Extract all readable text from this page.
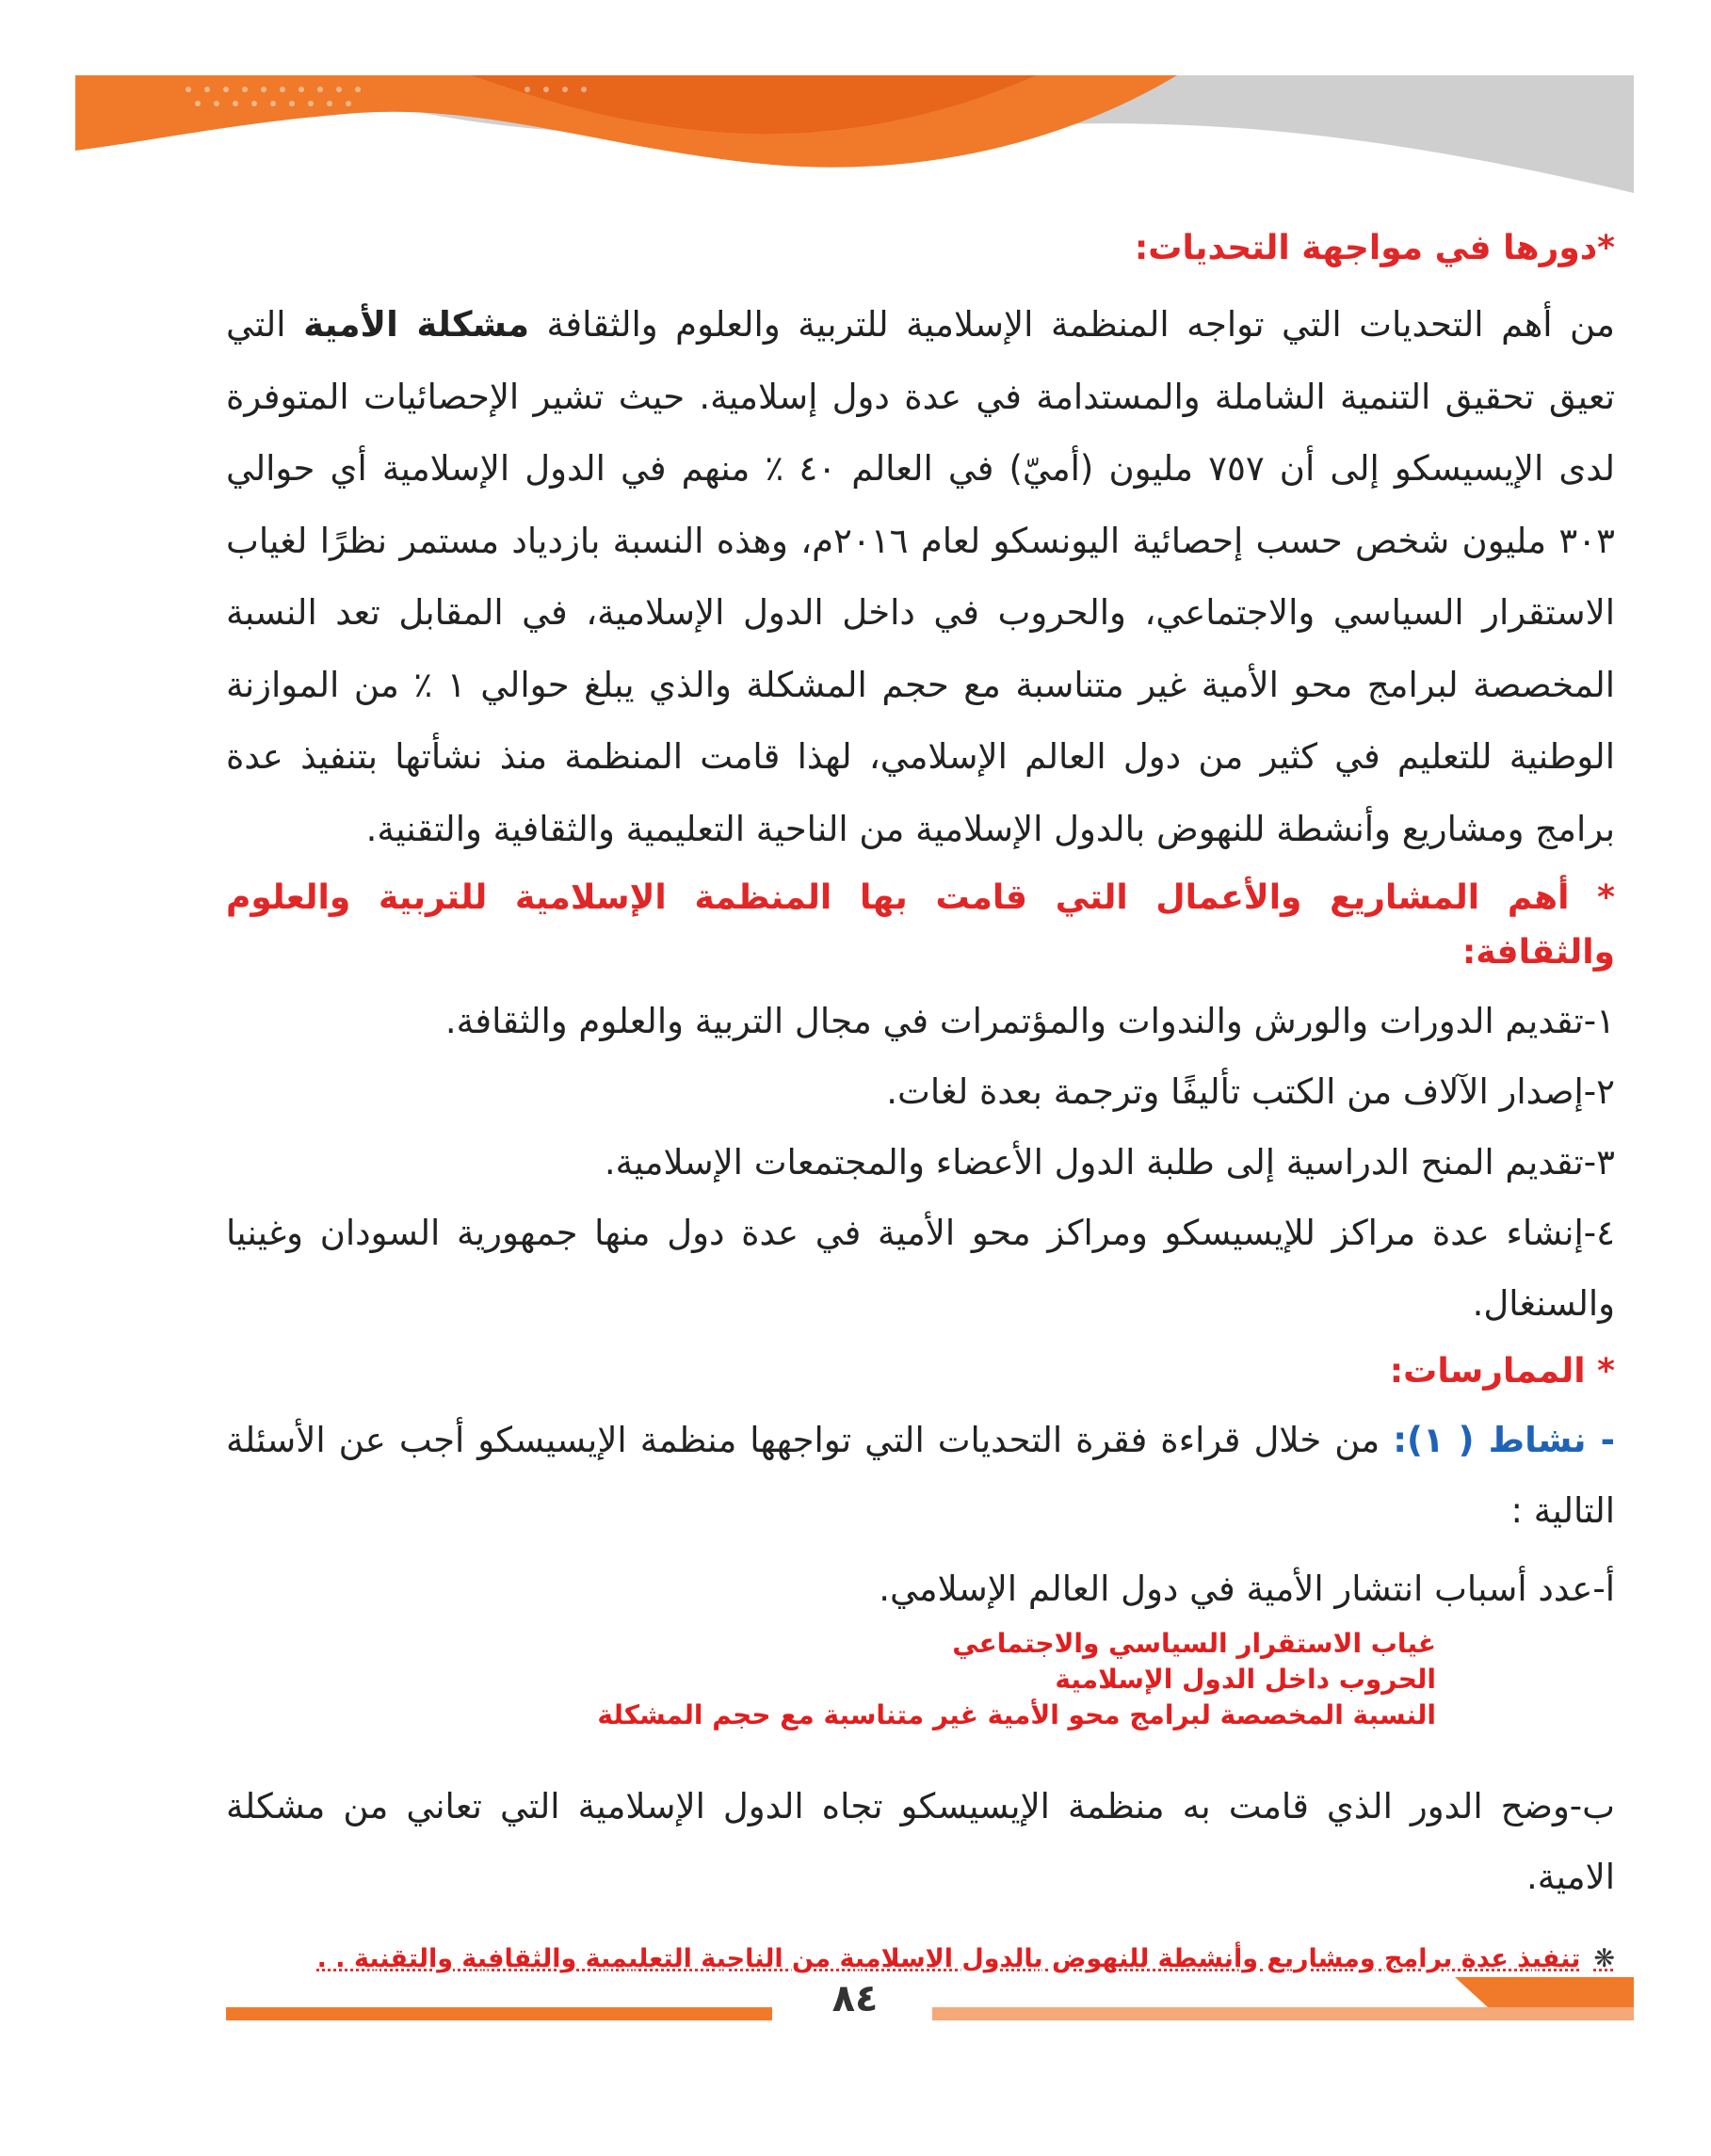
*دورها في مواجهة التحديات:

من أهم التحديات التي تواجه المنظمة الإسلامية للتربية والعلوم والثقافة مشكلة الأمية التي تعيق تحقيق التنمية الشاملة والمستدامة في عدة دول إسلامية. حيث تشير الإحصائيات المتوفرة لدى الإيسيسكو إلى أن ٧٥٧ مليون (أميّ) في العالم ٤٠ ٪ منهم في الدول الإسلامية أي حوالي ٣٠٣ مليون شخص حسب إحصائية اليونسكو لعام ٢٠١٦م، وهذه النسبة بازدياد مستمر نظرًا لغياب الاستقرار السياسي والاجتماعي، والحروب في داخل الدول الإسلامية، في المقابل تعد النسبة المخصصة لبرامج محو الأمية غير متناسبة مع حجم المشكلة والذي يبلغ حوالي ١ ٪ من الموازنة الوطنية للتعليم في كثير من دول العالم الإسلامي، لهذا قامت المنظمة منذ نشأتها بتنفيذ عدة برامج ومشاريع وأنشطة للنهوض بالدول الإسلامية من الناحية التعليمية والثقافية والتقنية.

* أهم المشاريع والأعمال التي قامت بها المنظمة الإسلامية للتربية والعلوم والثقافة:

١-تقديم الدورات والورش والندوات والمؤتمرات في مجال التربية والعلوم والثقافة.

٢-إصدار الآلاف من الكتب تأليفًا وترجمة بعدة لغات.

٣-تقديم المنح الدراسية إلى طلبة الدول الأعضاء والمجتمعات الإسلامية.

٤-إنشاء عدة مراكز للإيسيسكو ومراكز محو الأمية في عدة دول منها جمهورية السودان وغينيا والسنغال.

* الممارسات:

- نشاط ( ١): من خلال قراءة فقرة التحديات التي تواجهها منظمة الإيسيسكو أجب عن الأسئلة التالية :

أ-عدد أسباب انتشار الأمية في دول العالم الإسلامي.

غياب الاستقرار السياسي والاجتماعي
الحروب داخل الدول الإسلامية
النسبة المخصصة لبرامج محو الأمية غير متناسبة مع حجم المشكلة

ب-وضح الدور الذي قامت به منظمة الإيسيسكو تجاه الدول الإسلامية التي تعاني من مشكلة الامية.

❋تنفيذ عدة برامج ومشاريع وأنشطة للنهوض بالدول الاسلامية من الناحية التعليمية والثقافية والتقنية . .
٨٤
